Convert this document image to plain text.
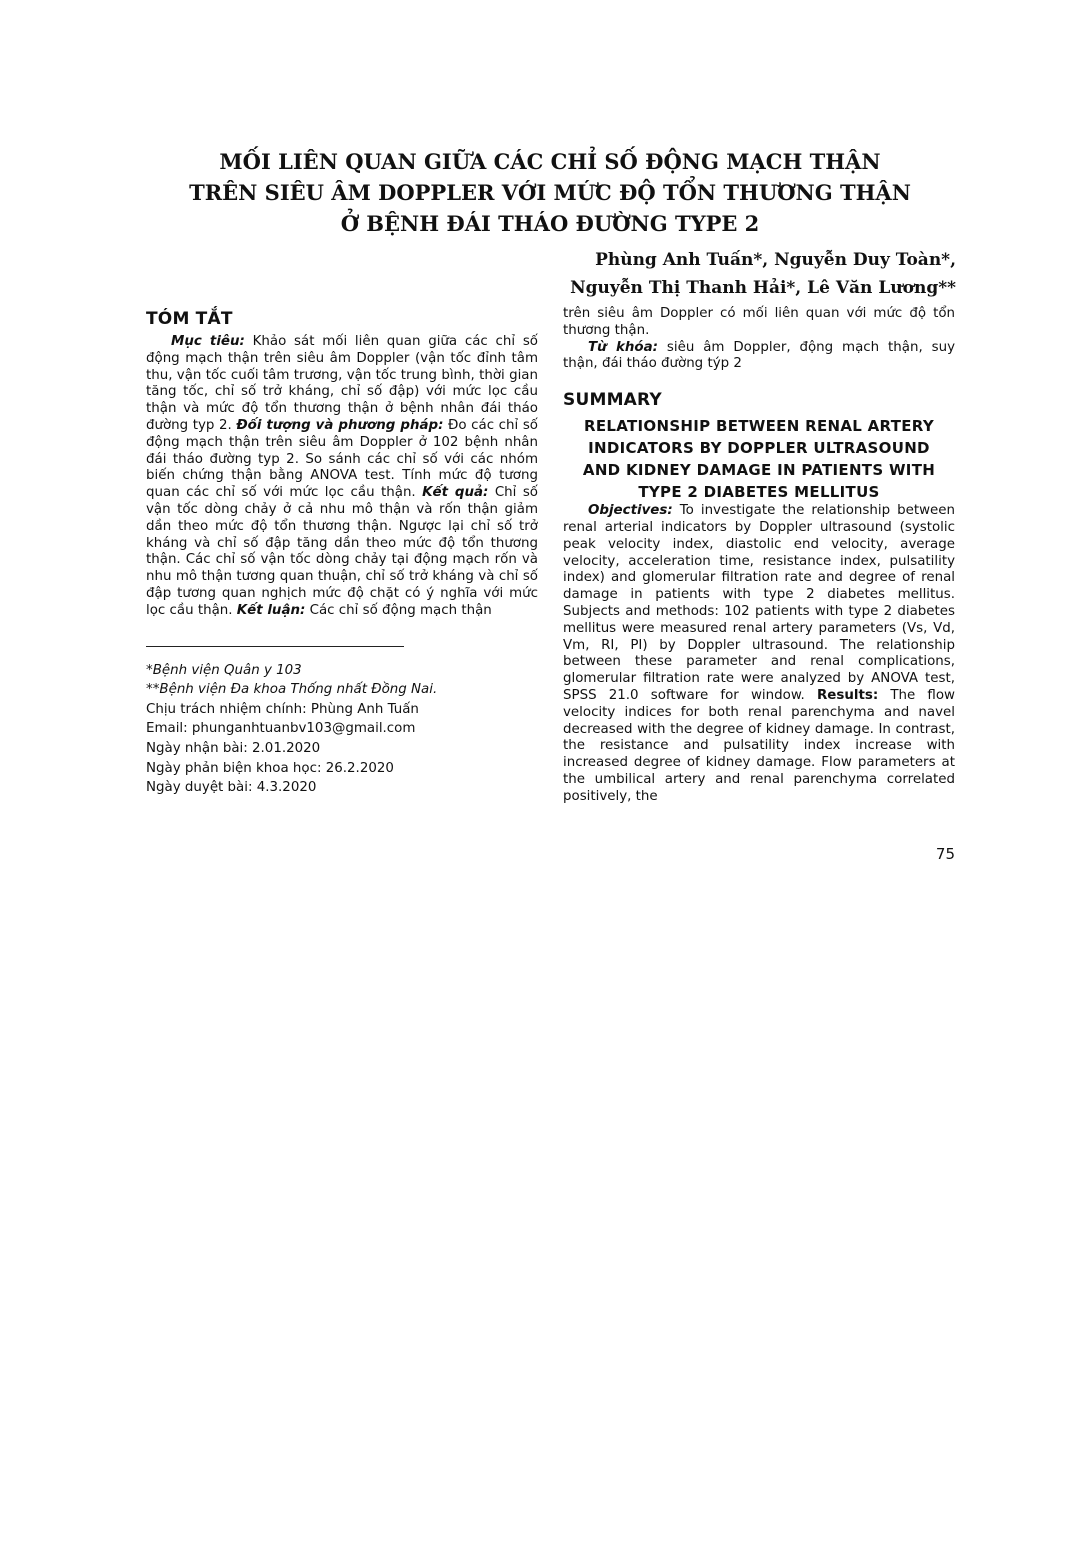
MỐI LIÊN QUAN GIỮA CÁC CHỈ SỐ ĐỘNG MẠCH THẬN
TRÊN SIÊU ÂM DOPPLER VỚI MỨC ĐỘ TỔN THƯƠNG THẬN
Ở BỆNH ĐÁI THÁO ĐƯỜNG TYPE 2
Phùng Anh Tuấn*, Nguyễn Duy Toàn*,
Nguyễn Thị Thanh Hải*, Lê Văn Lương**
TÓM TẮT

Mục tiêu: Khảo sát mối liên quan giữa các chỉ số động mạch thận trên siêu âm Doppler (vận tốc đỉnh tâm thu, vận tốc cuối tâm trương, vận tốc trung bình, thời gian tăng tốc, chỉ số trở kháng, chỉ số đập) với mức lọc cầu thận và mức độ tổn thương thận ở bệnh nhân đái tháo đường typ 2. Đối tượng và phương pháp: Đo các chỉ số động mạch thận trên siêu âm Doppler ở 102 bệnh nhân đái tháo đường typ 2. So sánh các chỉ số với các nhóm biến chứng thận bằng ANOVA test. Tính mức độ tương quan các chỉ số với mức lọc cầu thận. Kết quả: Chỉ số vận tốc dòng chảy ở cả nhu mô thận và rốn thận giảm dần theo mức độ tổn thương thận. Ngược lại chỉ số trở kháng và chỉ số đập tăng dần theo mức độ tổn thương thận. Các chỉ số vận tốc dòng chảy tại động mạch rốn và nhu mô thận tương quan thuận, chỉ số trở kháng và chỉ số đập tương quan nghịch mức độ chặt có ý nghĩa với mức lọc cầu thận. Kết luận: Các chỉ số động mạch thận

*Bệnh viện Quân y 103
**Bệnh viện Đa khoa Thống nhất Đồng Nai.
Chịu trách nhiệm chính: Phùng Anh Tuấn
Email: phunganhtuanbv103@gmail.com
Ngày nhận bài: 2.01.2020
Ngày phản biện khoa học: 26.2.2020
Ngày duyệt bài: 4.3.2020

trên siêu âm Doppler có mối liên quan với mức độ tổn thương thận.

Từ khóa: siêu âm Doppler, động mạch thận, suy thận, đái tháo đường týp 2

SUMMARY
RELATIONSHIP BETWEEN RENAL ARTERY
INDICATORS BY DOPPLER ULTRASOUND
AND KIDNEY DAMAGE IN PATIENTS WITH
TYPE 2 DIABETES MELLITUS

Objectives: To investigate the relationship between renal arterial indicators by Doppler ultrasound (systolic peak velocity index, diastolic end velocity, average velocity, acceleration time, resistance index, pulsatility index) and glomerular filtration rate and degree of renal damage in patients with type 2 diabetes mellitus. Subjects and methods: 102 patients with type 2 diabetes mellitus were measured renal artery parameters (Vs, Vd, Vm, RI, PI) by Doppler ultrasound. The relationship between these parameter and renal complications, glomerular filtration rate were analyzed by ANOVA test, SPSS 21.0 software for window. Results: The flow velocity indices for both renal parenchyma and navel decreased with the degree of kidney damage. In contrast, the resistance and pulsatility index increase with increased degree of kidney damage. Flow parameters at the umbilical artery and renal parenchyma correlated positively, the

75
